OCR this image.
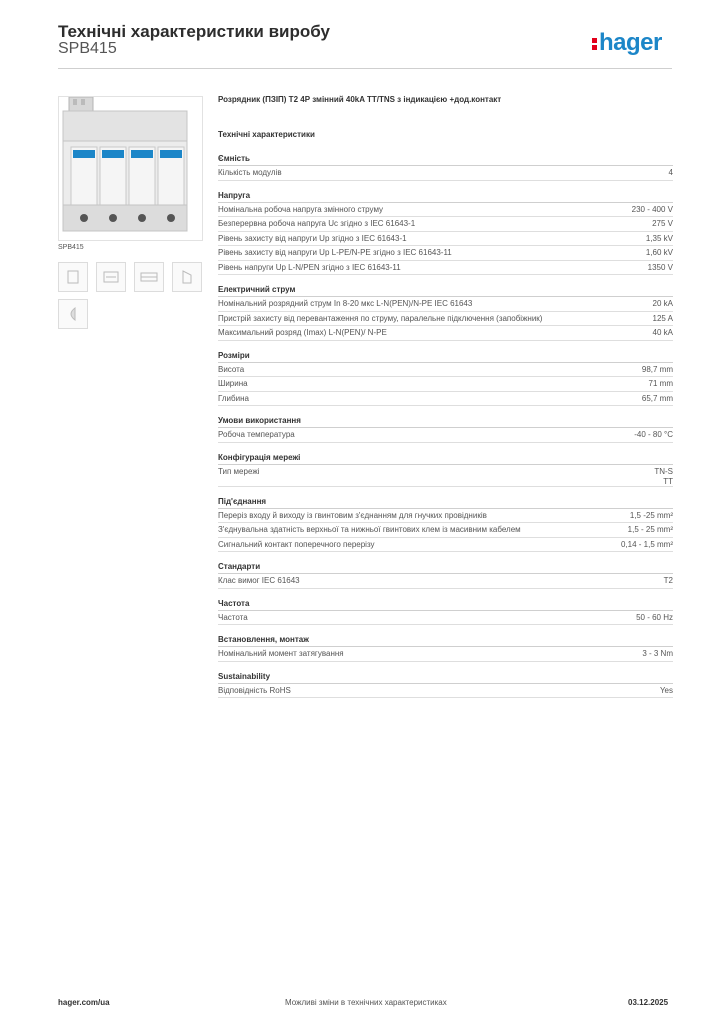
Технічні характеристики виробу
SPB415	hager
SPB415
Розрядник (ПЗІП) Т2 4Р змінний 40kA TT/TNS з індикацією +дод.контакт
Технічні характеристики
Ємність
Кількість модулів	4
Напруга
Номінальна робоча напруга змінного струму	230 - 400 V
Безперервна робоча напруга Uc згідно з IEC 61643-1	275 V
Рівень захисту від напруги Up згідно з IEC 61643-1	1,35 kV
Рівень захисту від напруги Up L-PE/N-PE згідно з IEC 61643-11	1,60 kV
Рівень напруги Up L-N/PEN згідно з IEC 61643-11	1350 V
Електричний струм
Номінальний розрядний струм In 8-20 мкс L-N(PEN)/N-PE IEC 61643	20 kA
Пристрій захисту від перевантаження по струму, паралельне підключення (запобіжник)	125 A
Максимальний розряд (Imax) L-N(PEN)/ N-PE	40 kA
Розміри
Висота	98,7 mm
Ширина	71 mm
Глибина	65,7 mm
Умови використання
Робоча температура	-40 - 80 °C
Конфігурація мережі
Тип мережі	TN-S
TT
Під'єднання
Переріз входу й виходу із гвинтовим з'єднанням для гнучких провідників	1,5 -25 mm²
З'єднувальна здатність верхньої та нижньої гвинтових клем із масивним кабелем	1,5 - 25 mm²
Сигнальний контакт поперечного перерізу	0,14 - 1,5 mm²
Стандарти
Клас вимог IEC 61643	T2
Частота
Частота	50 - 60 Hz
Встановлення, монтаж
Номінальний момент затягування	3 - 3 Nm
Sustainability
Відповідність RoHS	Yes
hager.com/ua	Можливі зміни в технічних характеристиках	03.12.2025
